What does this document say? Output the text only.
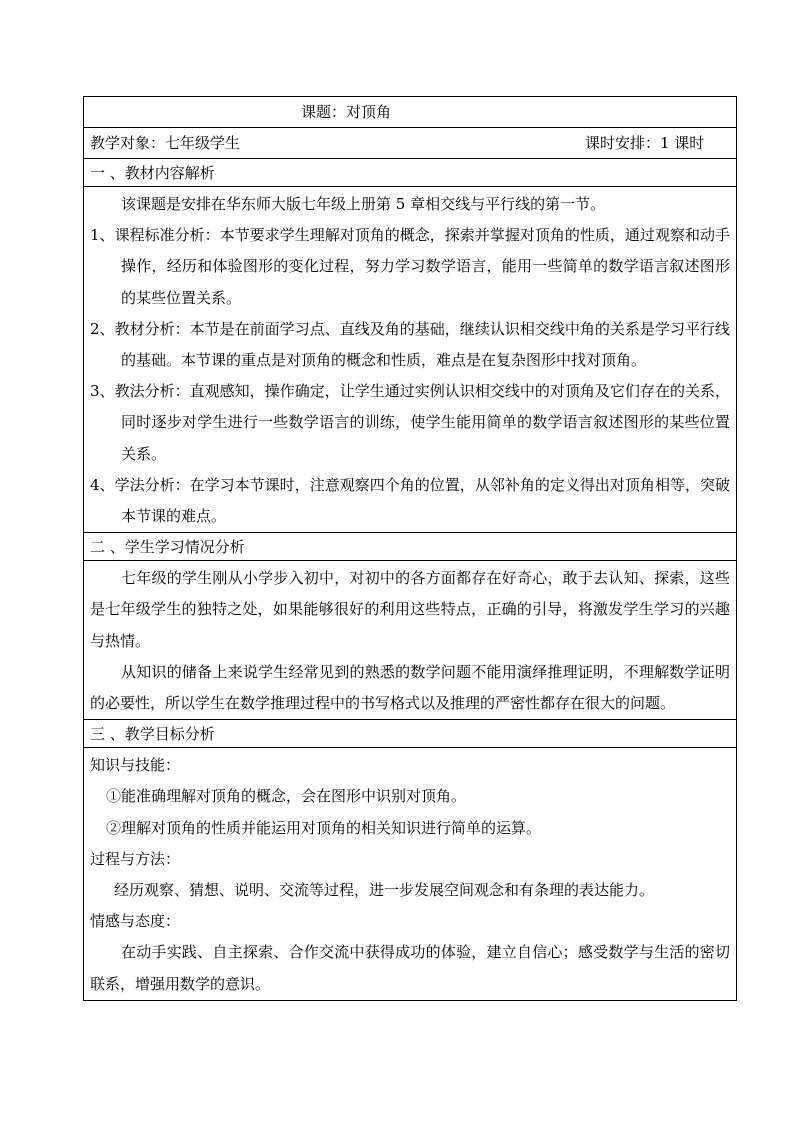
课题：对顶角
教学对象：七年级学生	课时安排：1 课时
一 、教材内容解析

该课题是安排在华东师大版七年级上册第 5 章相交线与平行线的第一节。

1、课程标准分析：本节要求学生理解对顶角的概念，探索并掌握对顶角的性质，通过观察和动手操作，经历和体验图形的变化过程，努力学习数学语言，能用一些简单的数学语言叙述图形的某些位置关系。

2、教材分析：本节是在前面学习点、直线及角的基础，继续认识相交线中角的关系是学习平行线的基础。本节课的重点是对顶角的概念和性质，难点是在复杂图形中找对顶角。

3、教法分析：直观感知，操作确定，让学生通过实例认识相交线中的对顶角及它们存在的关系，同时逐步对学生进行一些数学语言的训练，使学生能用简单的数学语言叙述图形的某些位置关系。

4、学法分析：在学习本节课时，注意观察四个角的位置，从邻补角的定义得出对顶角相等，突破本节课的难点。

二 、学生学习情况分析

七年级的学生刚从小学步入初中，对初中的各方面都存在好奇心，敢于去认知、探索，这些是七年级学生的独特之处，如果能够很好的利用这些特点，正确的引导，将激发学生学习的兴趣与热情。

从知识的储备上来说学生经常见到的熟悉的数学问题不能用演绎推理证明，不理解数学证明的必要性，所以学生在数学推理过程中的书写格式以及推理的严密性都存在很大的问题。

三 、教学目标分析

知识与技能：

①能准确理解对顶角的概念，会在图形中识别对顶角。

②理解对顶角的性质并能运用对顶角的相关知识进行简单的运算。

过程与方法：

经历观察、猜想、说明、交流等过程，进一步发展空间观念和有条理的表达能力。

情感与态度：

在动手实践、自主探索、合作交流中获得成功的体验，建立自信心；感受数学与生活的密切联系，增强用数学的意识。
